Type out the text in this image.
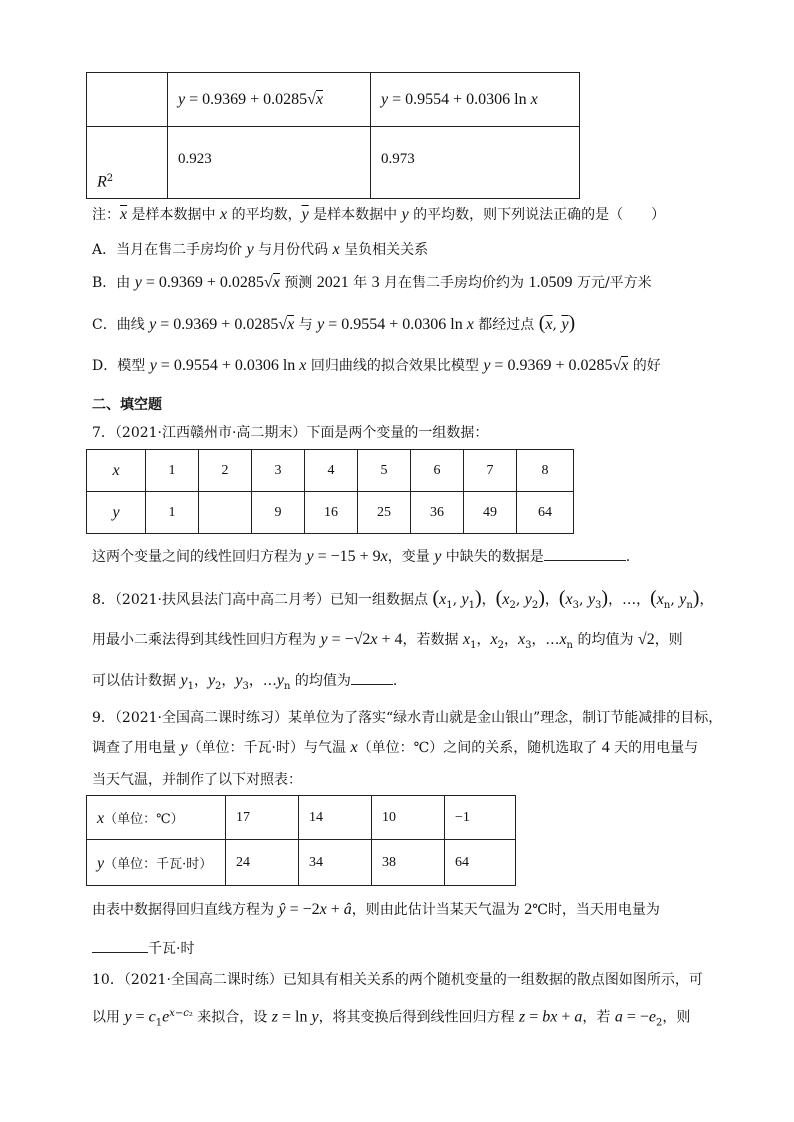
	y = 0.9369 + 0.0285√x	y = 0.9554 + 0.0306 ln x
$R^2$	0.923	0.973
注：$\overline{x}$ 是样本数据中 x 的平均数，$\overline{y}$ 是样本数据中 y 的平均数，则下列说法正确的是（　　）
A．当月在售二手房均价 y 与月份代码 x 呈负相关关系
B．由 y = 0.9369 + 0.0285√x 预测 2021 年 3 月在售二手房均价约为 1.0509 万元/平方米
C．曲线 y = 0.9369 + 0.0285√x 与 y = 0.9554 + 0.0306 ln x 都经过点 ($\overline{x}$, $\overline{y}$)
D．模型 y = 0.9554 + 0.0306 ln x 回归曲线的拟合效果比模型 y = 0.9369 + 0.0285√x 的好
二、填空题
7．（2021·江西赣州市·高二期末）下面是两个变量的一组数据：
x	1	2	3	4	5	6	7	8
y	1		9	16	25	36	49	64
这两个变量之间的线性回归方程为 y = −15 + 9x，变量 y 中缺失的数据是	.
8．（2021·扶风县法门高中高二月考）已知一组数据点 ($x_1$, $y_1$)，($x_2$, $y_2$)，($x_3$, $y_3$)，…，($x_n$, $y_n$)，
用最小二乘法得到其线性回归方程为 y = −√2x + 4，若数据 $x_1$，$x_2$，$x_3$，$\dots x_n$ 的均值为 √2，则
可以估计数据 $y_1$，$y_2$，$y_3$，$\dots y_n$ 的均值为	.
9．（2021·全国高二课时练习）某单位为了落实“绿水青山就是金山银山”理念，制订节能减排的目标，
调查了用电量 y（单位：千瓦·时）与气温 x（单位：℃）之间的关系，随机选取了 4 天的用电量与
当天气温，并制作了以下对照表：
x（单位：℃）	17	14	10	−1
y（单位：千瓦·时）	24	34	38	64
由表中数据得回归直线方程为 ŷ = −2x + â，则由此估计当某天气温为 2℃时，当天用电量为
千瓦·时
10．（2021·全国高二课时练）已知具有相关关系的两个随机变量的一组数据的散点图如图所示，可
以用 $y = c_1e^{x-c_2}$ 来拟合，设 z = ln y，将其变换后得到线性回归方程 z = bx + a，若 $a = -e_2$，则
